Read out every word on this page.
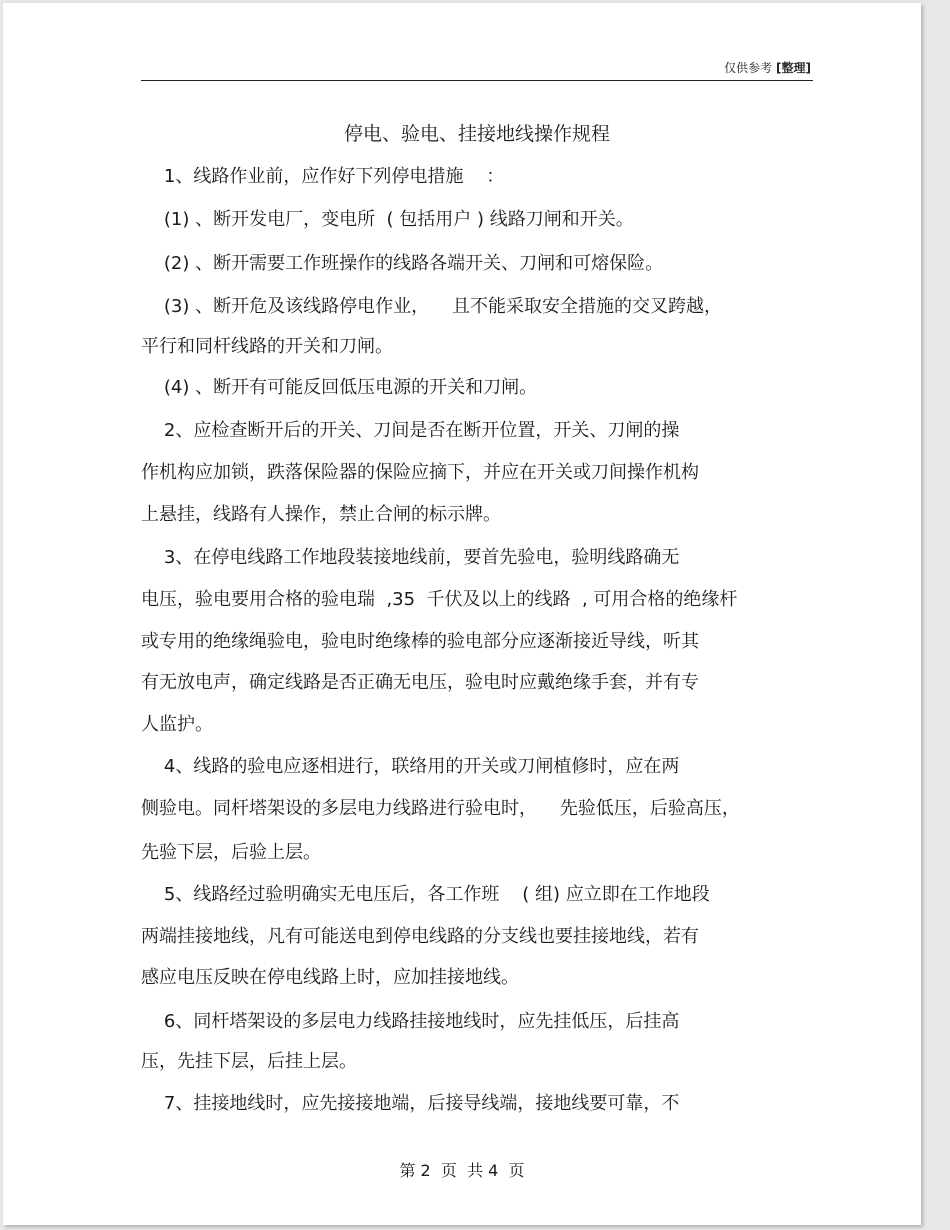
仅供参考 [整理]
停电、验电、挂接地线操作规程
1、线路作业前，应作好下列停电措施    ：
(1) 、断开发电厂，变电所  ( 包括用户 ) 线路刀闸和开关。
(2) 、断开需要工作班操作的线路各端开关、刀闸和可熔保险。
(3) 、断开危及该线路停电作业，    且不能采取安全措施的交叉跨越，
平行和同杆线路的开关和刀闸。
(4) 、断开有可能反回低压电源的开关和刀闸。
2、应检查断开后的开关、刀间是否在断开位置，开关、刀闸的操
作机构应加锁，跌落保险器的保险应摘下，并应在开关或刀间操作机构
上悬挂，线路有人操作，禁止合闸的标示牌。
3、在停电线路工作地段装接地线前，要首先验电，验明线路确无
电压，验电要用合格的验电瑞  ,35  千伏及以上的线路  , 可用合格的绝缘杆
或专用的绝缘绳验电，验电时绝缘棒的验电部分应逐渐接近导线，听其
有无放电声，确定线路是否正确无电压，验电时应戴绝缘手套，并有专
人监护。
4、线路的验电应逐相进行，联络用的开关或刀闸植修时，应在两
侧验电。同杆塔架设的多层电力线路进行验电时，    先验低压，后验高压，
先验下层，后验上层。
5、线路经过验明确实无电压后，各工作班    ( 组) 应立即在工作地段
两端挂接地线，凡有可能送电到停电线路的分支线也要挂接地线，若有
感应电压反映在停电线路上时，应加挂接地线。
6、同杆塔架设的多层电力线路挂接地线时，应先挂低压，后挂高
压，先挂下层，后挂上层。
7、挂接地线时，应先接接地端，后接导线端，接地线要可靠，不
第 2  页  共 4  页
